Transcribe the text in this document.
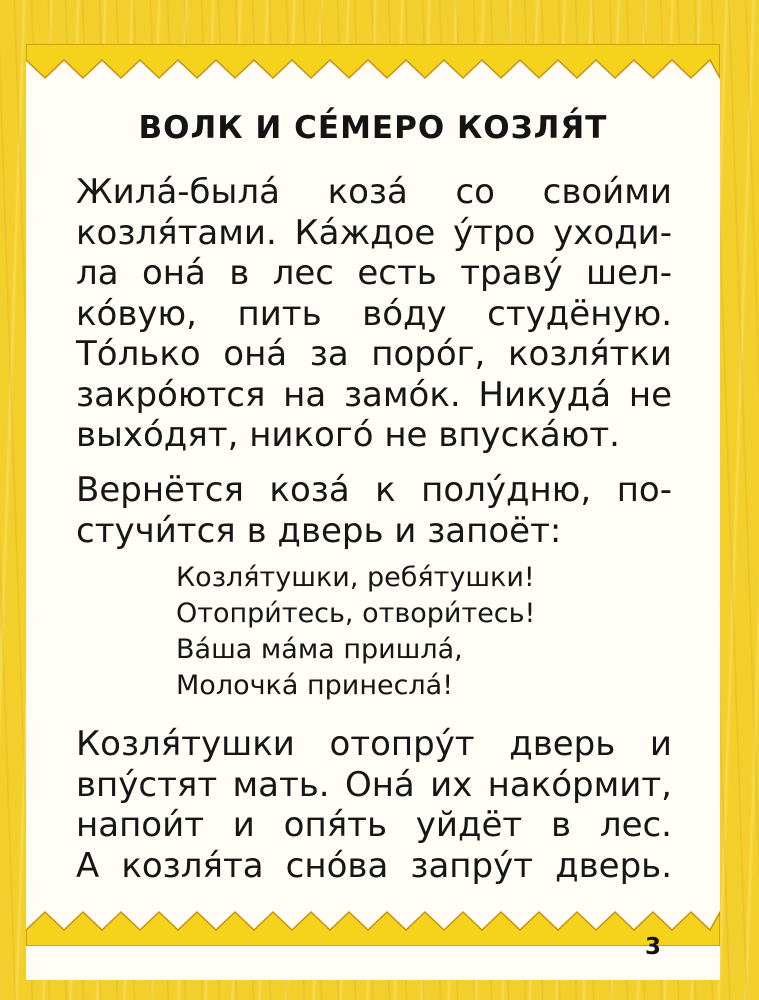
ВОЛК И СЕ́МЕРО КОЗЛЯ́Т

Жила́-была́ коза́ со свои́ми
козля́тами. Ка́ждое у́тро уходи-
ла она́ в лес есть траву́ шел-
ко́вую, пить во́ду студёную.
То́лько она́ за поро́г, козля́тки
закро́ются на замо́к. Никуда́ не
выхо́дят, никого́ не впуска́ют.

Вернётся коза́ к полу́дню, по-
стучи́тся в дверь и запоёт:

Козля́тушки, ребя́тушки!
Отопри́тесь, отвори́тесь!
Ва́ша ма́ма пришла́,
Молочка́ принесла́!

Козля́тушки отопру́т дверь и
впу́стят мать. Она́ их нако́рмит,
напои́т и опя́ть уйдёт в лес.
А козля́та сно́ва запру́т дверь.

3
